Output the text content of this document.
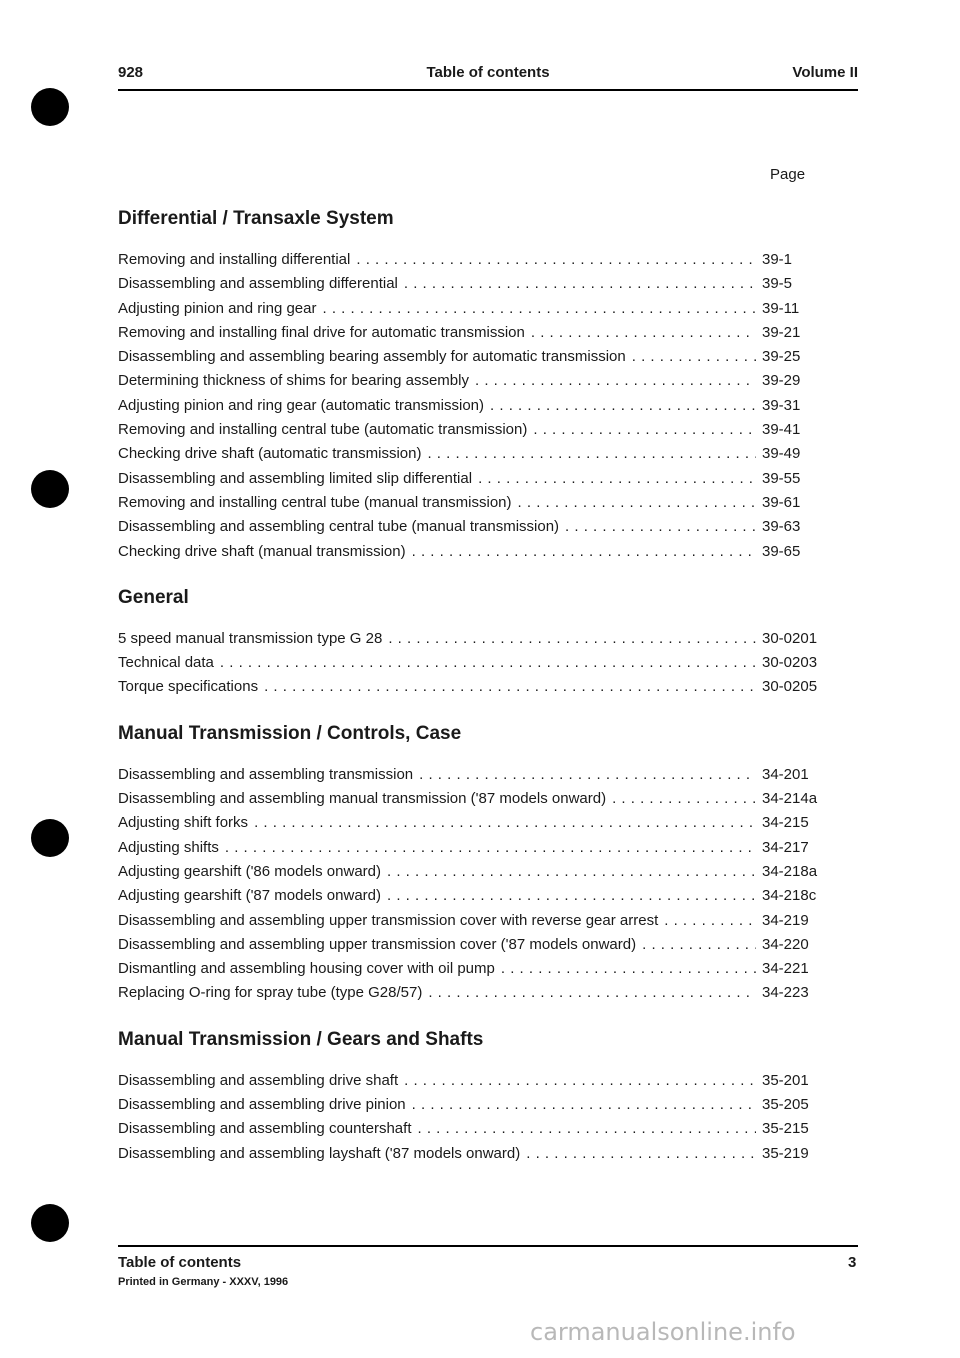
928	Table of contents	Volume II
Page
Differential / Transaxle System
Removing and installing differential . . .	39-1
Disassembling and assembling differential . . .	39-5
Adjusting pinion and ring gear . . .	39-11
Removing and installing final drive for automatic transmission . . .	39-21
Disassembling and assembling bearing assembly for automatic transmission . . .	39-25
Determining thickness of shims for bearing assembly . . .	39-29
Adjusting pinion and ring gear (automatic transmission) . . .	39-31
Removing and installing central tube (automatic transmission) . . .	39-41
Checking drive shaft (automatic transmission) . . .	39-49
Disassembling and assembling limited slip differential . . .	39-55
Removing and installing central tube (manual transmission) . . .	39-61
Disassembling and assembling central tube (manual transmission) . . .	39-63
Checking drive shaft (manual transmission) . . .	39-65
General
5 speed manual transmission type G 28 . . .	30-0201
Technical data . . .	30-0203
Torque specifications . . .	30-0205
Manual Transmission / Controls, Case
Disassembling and assembling transmission . . .	34-201
Disassembling and assembling manual transmission ('87 models onward) . . .	34-214a
Adjusting shift forks . . .	34-215
Adjusting shifts . . .	34-217
Adjusting gearshift ('86 models onward) . . .	34-218a
Adjusting gearshift ('87 models onward) . . .	34-218c
Disassembling and assembling upper transmission cover with reverse gear arrest . . .	34-219
Disassembling and assembling upper transmission cover ('87 models onward) . . .	34-220
Dismantling and assembling housing cover with oil pump . . .	34-221
Replacing O-ring for spray tube (type G28/57) . . .	34-223
Manual Transmission / Gears and Shafts
Disassembling and assembling drive shaft . . .	35-201
Disassembling and assembling drive pinion . . .	35-205
Disassembling and assembling countershaft . . .	35-215
Disassembling and assembling layshaft ('87 models onward) . . .	35-219
Table of contents	3
Printed in Germany - XXXV, 1996
carmanualsonline.info
